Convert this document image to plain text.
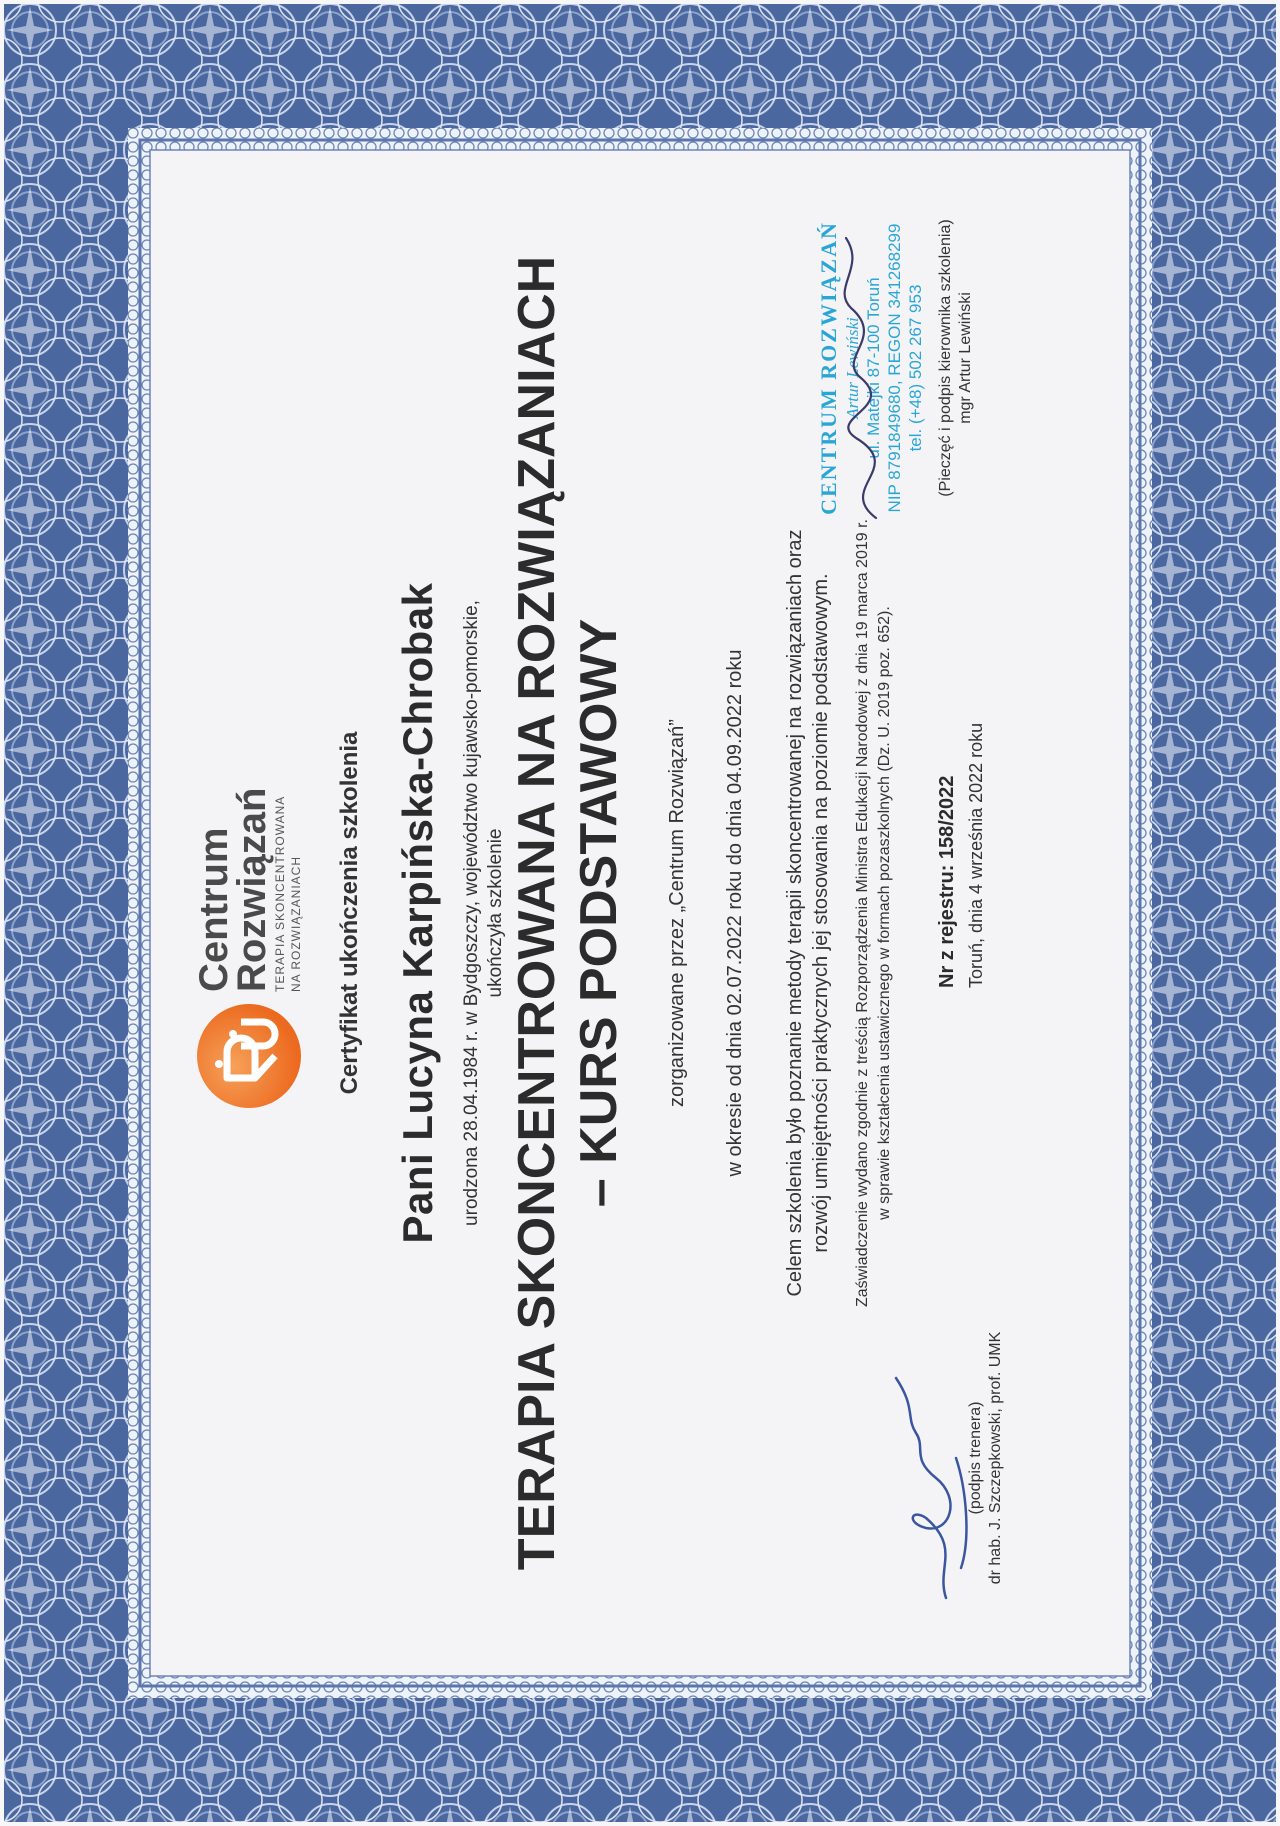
Centrum
Rozwiązań TERAPIA SKONCENTROWANA NA ROZWIĄZANIACH Certyfikat ukończenia szkolenia Pani Lucyna Karpińska-Chrobak urodzona 28.04.1984 r. w Bydgoszczy, województwo kujawsko-pomorskie, ukończyła szkolenie TERAPIA SKONCENTROWANA NA ROZWIĄZANIACH – KURS PODSTAWOWY zorganizowane przez „Centrum Rozwiązań” w okresie od dnia 02.07.2022 roku do dnia 04.09.2022 roku Celem szkolenia było poznanie metody terapii skoncentrowanej na rozwiązaniach oraz rozwój umiejętności praktycznych jej stosowania na poziomie podstawowym. Zaświadczenie wydano zgodnie z treścią Rozporządzenia Ministra Edukacji Narodowej z dnia 19 marca 2019 r. w sprawie kształcenia ustawicznego w formach pozaszkolnych (Dz. U. 2019 poz. 652). Nr z rejestru: 158/2022 Toruń, dnia 4 września 2022 roku
(podpis trenera) dr hab. J. Szczepkowski, prof. UMK
CENTRUM ROZWIĄZAŃ Artur Lewiński ul. Matejki 87-100 Toruń NIP 8791849680, REGON 341268299 tel. (+48) 502 267 953 (Pieczęć i podpis kierownika szkolenia) mgr Artur Lewiński
